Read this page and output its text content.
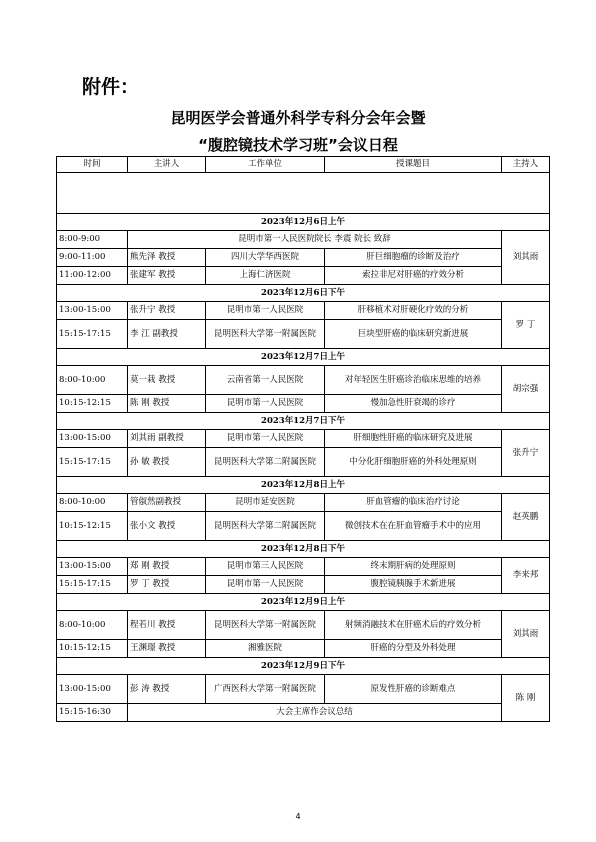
附件：
昆明医学会普通外科学专科分会年会暨
“腹腔镜技术学习班”会议日程
时间	主讲人	工作单位	授课题目	主持人

2023年12月6日上午				
8:00-9:00	昆明市第一人民医院院长 李震 院长 致辞			刘其雨
9:00-11:00	熊先泽 教授	四川大学华西医院	肝巨细胞瘤的诊断及治疗	
11:00-12:00	张建军 教授	上海仁济医院	索拉非尼对肝癌的疗效分析	
2023年12月6日下午				
13:00-15:00	张升宁 教授	昆明市第一人民医院	肝移植术对肝硬化疗效的分析	罗 丁
15:15-17:15	李 江 副教授	昆明医科大学第一附属医院	巨块型肝癌的临床研究新进展	
2023年12月7日上午				
8:00-10:00	莫一栽 教授	云南省第一人民医院	对年轻医生肝癌诊治临床思维的培养	胡宗强
10:15-12:15	陈 刚 教授	昆明市第一人民医院	慢加急性肝衰竭的诊疗	
2023年12月7日下午				
13:00-15:00	刘其雨 副教授	昆明市第一人民医院	肝细胞性肝癌的临床研究及进展	张升宁
15:15-17:15	孙 敏 教授	昆明医科大学第二附属医院	中分化肝细胞肝癌的外科处理原则	
2023年12月8日上午				
8:00-10:00	管俶然副教授	昆明市延安医院	肝血管瘤的临床治疗讨论	赵英鹏
10:15-12:15	张小文 教授	昆明医科大学第二附属医院	微创技术在在肝血管瘤手术中的应用	
2023年12月8日下午				
13:00-15:00	郑 刚 教授	昆明市第三人民医院	终末期肝病的处理原则	李来邦
15:15-17:15	罗 丁 教授	昆明市第一人民医院	腹腔镜胰腺手术新进展	
2023年12月9日上午				
8:00-10:00	程若川 教授	昆明医科大学第一附属医院	射频消融技术在肝癌术后的疗效分析	刘其雨
10:15-12:15	王渊璟 教授	湘雅医院	肝癌的分型及外科处理	
2023年12月9日下午				
13:00-15:00	彭 涛 教授	广西医科大学第一附属医院	原发性肝癌的诊断难点	陈 刚
15:15-16:30	大会主席作会议总结			
4
